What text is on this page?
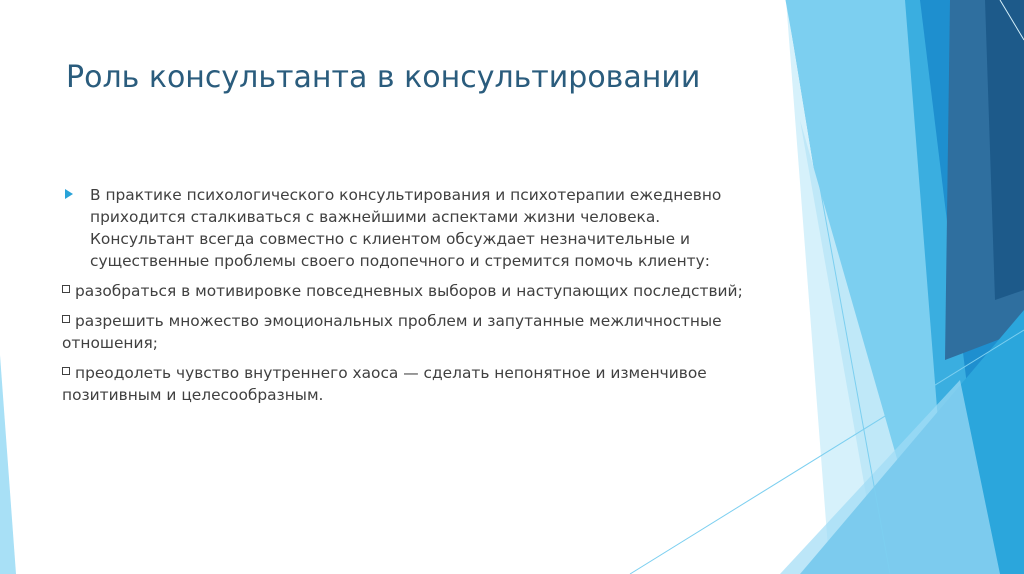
Роль консультанта в консультировании

В практике психологического консультирования и психотерапии ежедневно приходится сталкиваться с важнейшими аспектами жизни человека. Консультант всегда совместно с клиентом обсуждает незначительные и существенные проблемы своего подопечного и стремится помочь клиенту:

разобраться в мотивировке повседневных выборов и наступающих последствий;

разрешить множество эмоциональных проблем и запутанные межличностные отношения;

преодолеть чувство внутреннего хаоса — сделать непонятное и изменчивое позитивным и целесообразным.
